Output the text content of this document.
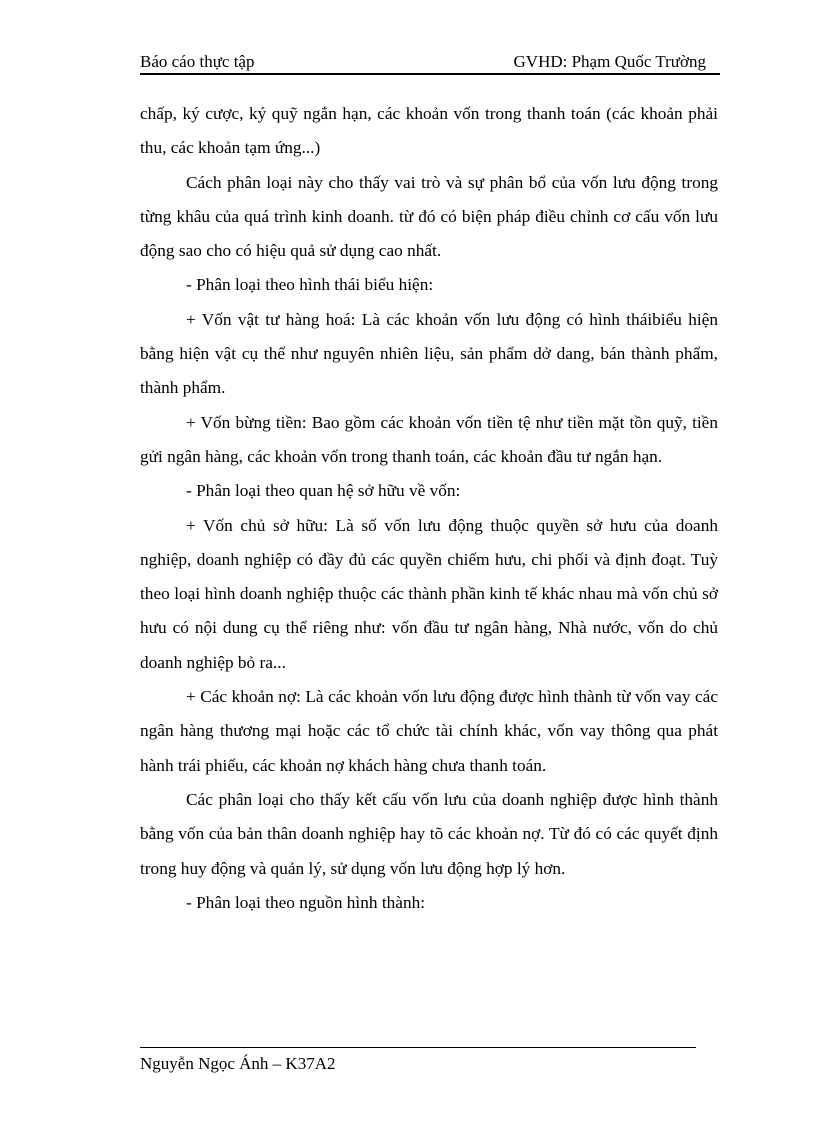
Báo cáo thực tập	GVHD: Phạm Quốc Trường

chấp, ký cược, ký quỹ ngắn hạn, các khoản vốn trong thanh toán (các khoản phải thu, các khoản tạm ứng...)

Cách phân loại này cho thấy vai trò và sự phân bổ của vốn lưu động trong từng khâu của quá trình kinh doanh. từ đó có biện pháp điều chỉnh cơ cấu vốn lưu động sao cho có hiệu quả sử dụng cao nhất.

- Phân loại theo hình thái biểu hiện:

+ Vốn vật tư hàng hoá: Là các khoản vốn lưu động có hình tháibiểu hiện bằng hiện vật cụ thể như nguyên nhiên liệu, sản phẩm dở dang, bán thành phẩm, thành phẩm.

+ Vốn bừng tiền: Bao gồm các khoản vốn tiền tệ như tiền mặt tồn quỹ, tiền gửi ngân hàng, các khoản vốn trong thanh toán, các khoản đầu tư ngắn hạn.

- Phân loại theo quan hệ sở hữu về vốn:

+ Vốn chủ sở hữu: Là số vốn lưu động thuộc quyền sở hưu của doanh nghiệp, doanh nghiệp có đầy đủ các quyền chiếm hưu, chi phối và định đoạt. Tuỳ theo loại hình doanh nghiệp thuộc các thành phần kinh tế khác nhau mà vốn chủ sở hưu có nội dung cụ thể riêng như: vốn đầu tư ngân hàng, Nhà nước, vốn do chủ doanh nghiệp bỏ ra...

+ Các khoản nợ: Là các khoản vốn lưu động được hình thành từ vốn vay các ngân hàng thương mại hoặc các tổ chức tài chính khác, vốn vay thông qua phát hành trái phiếu, các khoản nợ khách hàng chưa thanh toán.

Các phân loại cho thấy kết cấu vốn lưu của doanh nghiệp được hình thành bằng vốn của bản thân doanh nghiệp hay tõ các khoản nợ. Từ đó có các quyết định trong huy động và quản lý, sử dụng vốn lưu động hợp lý hơn.

- Phân loại theo nguồn hình thành:

Nguyễn Ngọc Ánh – K37A2
